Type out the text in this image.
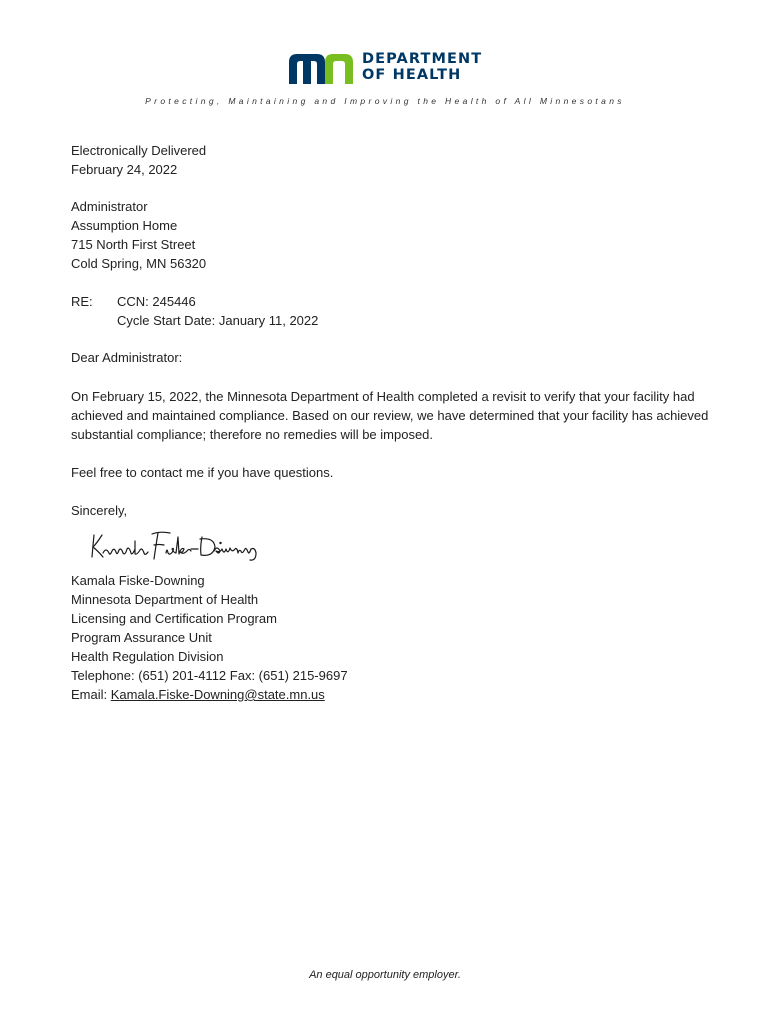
DEPARTMENT
OF HEALTH
Protecting, Maintaining and Improving the Health of All Minnesotans
Electronically Delivered
February 24, 2022
Administrator
Assumption Home
715 North First Street
Cold Spring, MN 56320
RE: CCN: 245446
Cycle Start Date: January 11, 2022
Dear Administrator:
On February 15, 2022, the Minnesota Department of Health completed a revisit to verify that your facility had achieved and maintained compliance. Based on our review, we have determined that your facility has achieved substantial compliance; therefore no remedies will be imposed.
Feel free to contact me if you have questions.
Sincerely,
Kamala Fiske-Downing
Minnesota Department of Health
Licensing and Certification Program
Program Assurance Unit
Health Regulation Division
Telephone: (651) 201-4112 Fax: (651) 215-9697
Email: Kamala.Fiske-Downing@state.mn.us
An equal opportunity employer.
